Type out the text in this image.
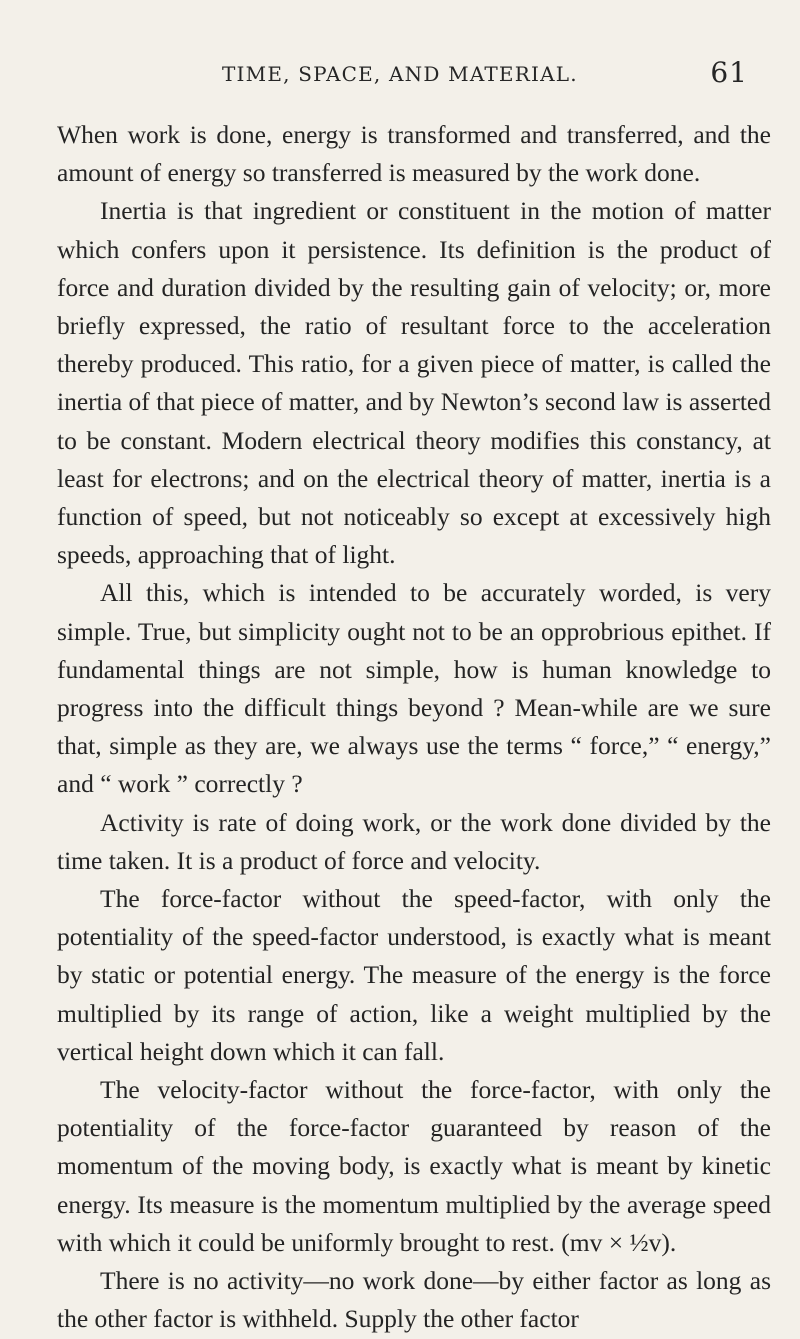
TIME, SPACE, AND MATERIAL.	61

When work is done, energy is transformed and transferred, and the amount of energy so transferred is measured by the work done.

Inertia is that ingredient or constituent in the motion of matter which confers upon it persistence. Its definition is the product of force and duration divided by the resulting gain of velocity; or, more briefly expressed, the ratio of resultant force to the acceleration thereby produced. This ratio, for a given piece of matter, is called the inertia of that piece of matter, and by Newton’s second law is asserted to be constant. Modern electrical theory modifies this constancy, at least for electrons; and on the electrical theory of matter, inertia is a function of speed, but not noticeably so except at excessively high speeds, approaching that of light.

All this, which is intended to be accurately worded, is very simple. True, but simplicity ought not to be an opprobrious epithet. If fundamental things are not simple, how is human knowledge to progress into the difficult things beyond ? Mean-while are we sure that, simple as they are, we always use the terms “ force,” “ energy,” and “ work ” correctly ?

Activity is rate of doing work, or the work done divided by the time taken. It is a product of force and velocity.

The force-factor without the speed-factor, with only the potentiality of the speed-factor understood, is exactly what is meant by static or potential energy. The measure of the energy is the force multiplied by its range of action, like a weight multiplied by the vertical height down which it can fall.

The velocity-factor without the force-factor, with only the potentiality of the force-factor guaranteed by reason of the momentum of the moving body, is exactly what is meant by kinetic energy. Its measure is the momentum multiplied by the average speed with which it could be uniformly brought to rest. (mv × ½v).

There is no activity—no work done—by either factor as long as the other factor is withheld. Supply the other factor
